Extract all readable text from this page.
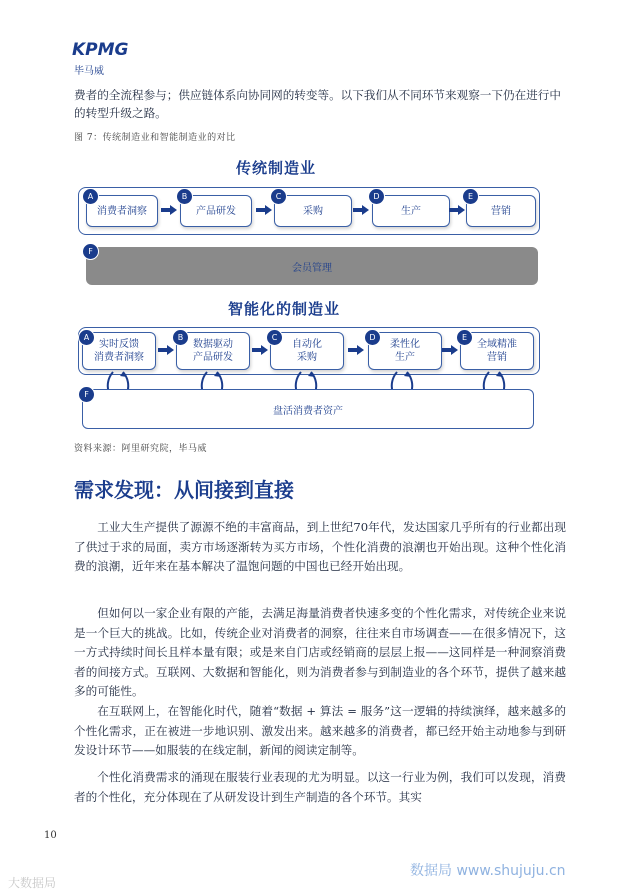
KPMG
毕马威
费者的全流程参与；供应链体系向协同网的转变等。以下我们从不同环节来观察一下仍在进行中的转型升级之路。
图 7：传统制造业和智能制造业的对比
传统制造业
消费者洞察
A
产品研发
B
采购
C
生产
D
营销
E
会员管理
F
智能化的制造业
实时反馈
消费者洞察
A
数据驱动
产品研发
B
自动化
采购
C
柔性化
生产
D
全域精准
营销
E
盘活消费者资产
F
资料来源：阿里研究院，毕马威
需求发现：从间接到直接
工业大生产提供了源源不绝的丰富商品，到上世纪70年代，发达国家几乎所有的行业都出现了供过于求的局面，卖方市场逐渐转为买方市场，个性化消费的浪潮也开始出现。这种个性化消费的浪潮，近年来在基本解决了温饱问题的中国也已经开始出现。
但如何以一家企业有限的产能，去满足海量消费者快速多变的个性化需求，对传统企业来说是一个巨大的挑战。比如，传统企业对消费者的洞察，往往来自市场调查——在很多情况下，这一方式持续时间长且样本量有限；或是来自门店或经销商的层层上报——这同样是一种洞察消费者的间接方式。互联网、大数据和智能化，则为消费者参与到制造业的各个环节，提供了越来越多的可能性。
在互联网上，在智能化时代，随着“数据 + 算法 = 服务”这一逻辑的持续演绎，越来越多的个性化需求，正在被进一步地识别、激发出来。越来越多的消费者，都已经开始主动地参与到研发设计环节——如服装的在线定制，新闻的阅读定制等。
个性化消费需求的涌现在服装行业表现的尤为明显。以这一行业为例，我们可以发现，消费者的个性化，充分体现在了从研发设计到生产制造的各个环节。其实
10
数据局 www.shujuju.cn
大数据局
